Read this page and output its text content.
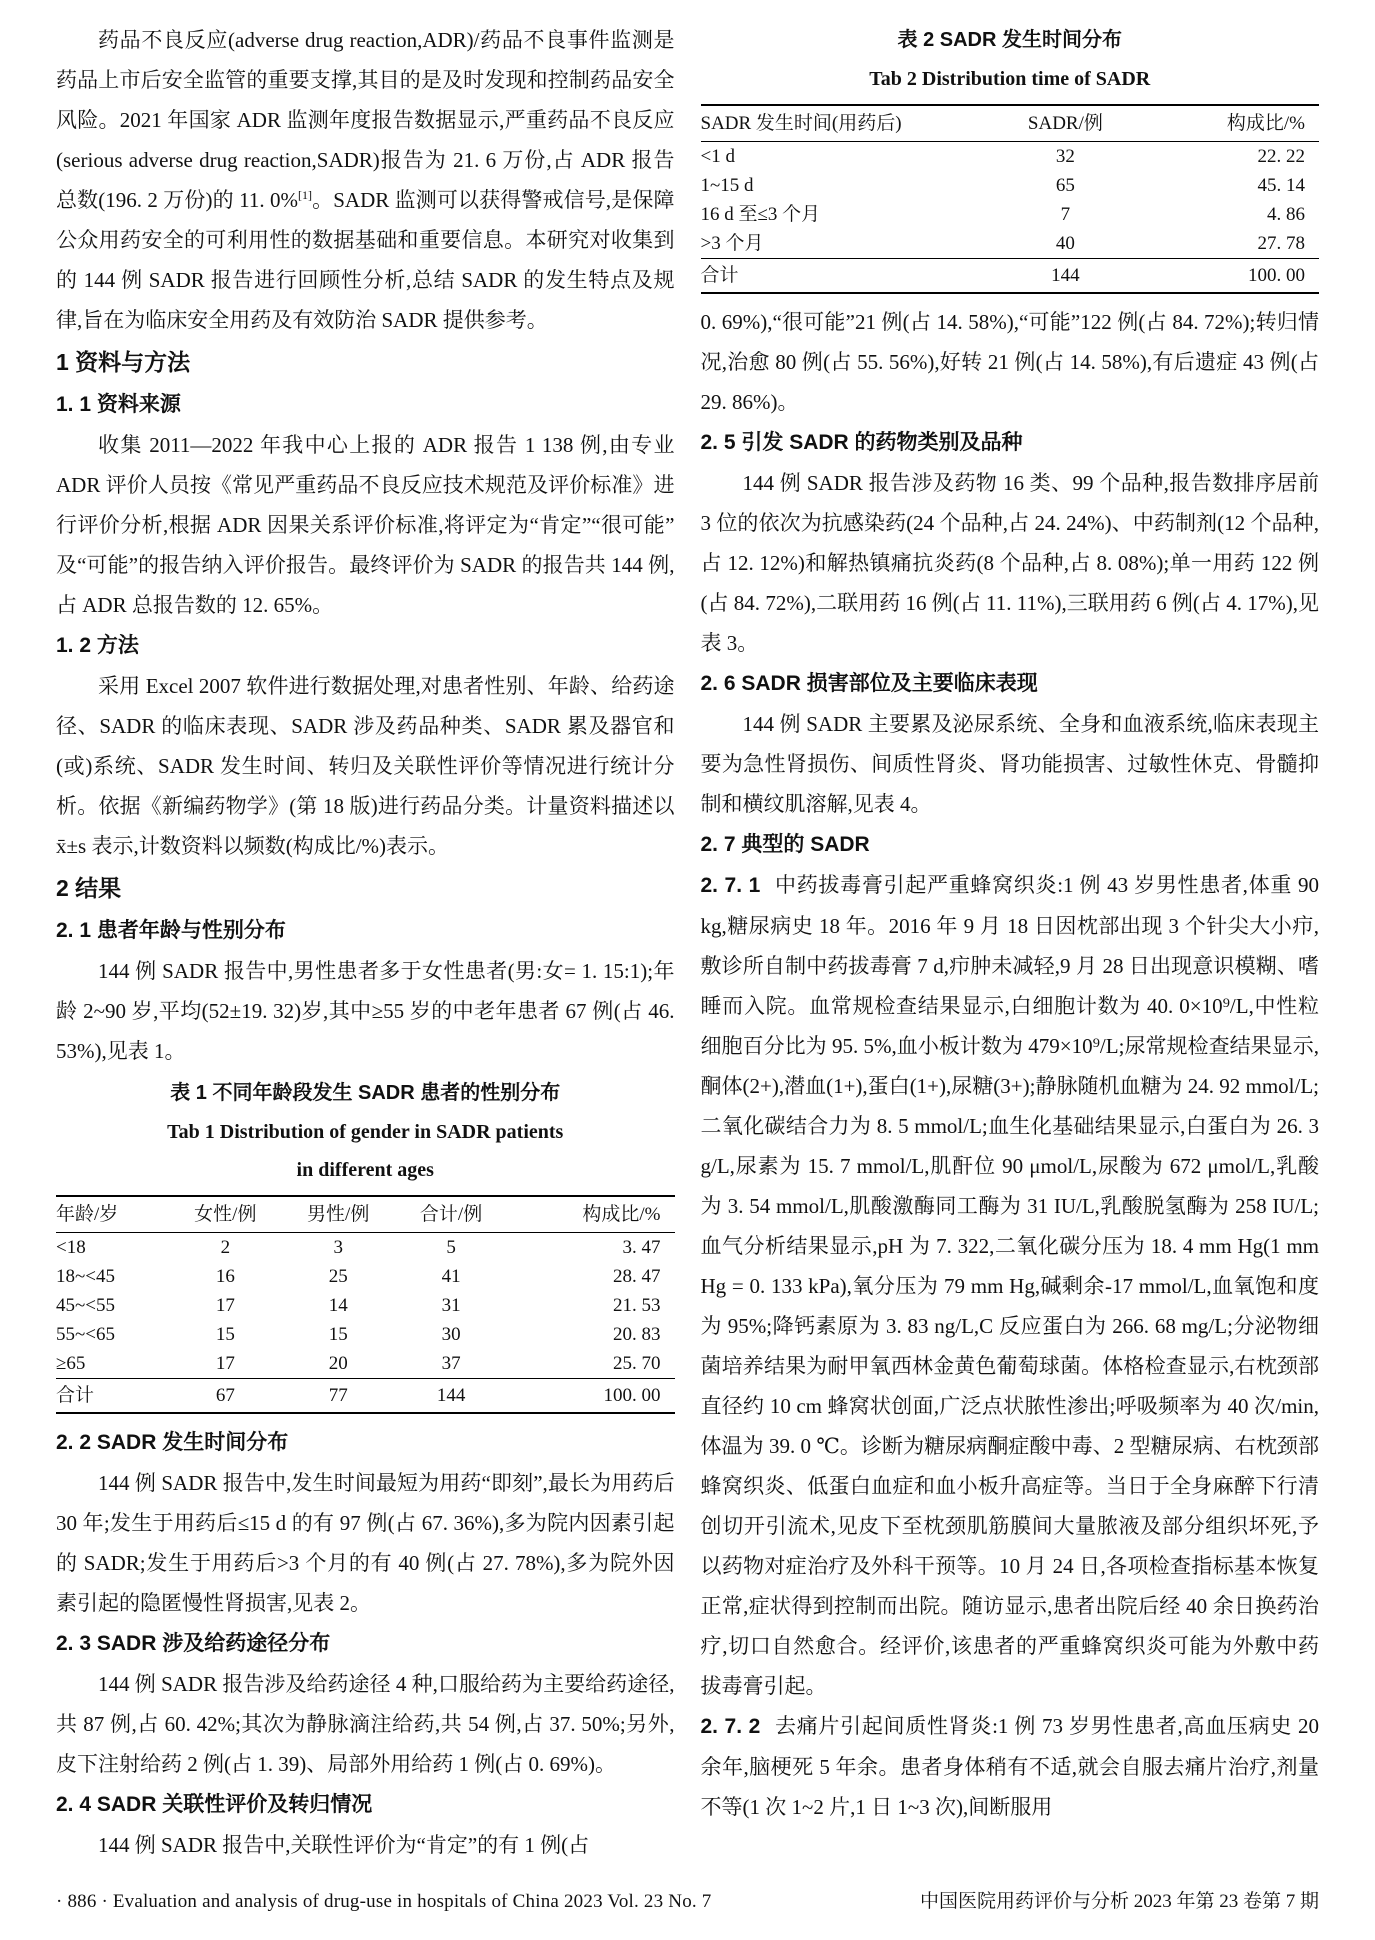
药品不良反应(adverse drug reaction,ADR)/药品不良事件监测是药品上市后安全监管的重要支撑,其目的是及时发现和控制药品安全风险。2021 年国家 ADR 监测年度报告数据显示,严重药品不良反应(serious adverse drug reaction,SADR)报告为 21. 6 万份,占 ADR 报告总数(196. 2 万份)的 11. 0%[1]。SADR 监测可以获得警戒信号,是保障公众用药安全的可利用性的数据基础和重要信息。本研究对收集到的 144 例 SADR 报告进行回顾性分析,总结 SADR 的发生特点及规律,旨在为临床安全用药及有效防治 SADR 提供参考。

1 资料与方法

1. 1 资料来源

收集 2011—2022 年我中心上报的 ADR 报告 1 138 例,由专业 ADR 评价人员按《常见严重药品不良反应技术规范及评价标准》进行评价分析,根据 ADR 因果关系评价标准,将评定为“肯定”“很可能”及“可能”的报告纳入评价报告。最终评价为 SADR 的报告共 144 例,占 ADR 总报告数的 12. 65%。

1. 2 方法

采用 Excel 2007 软件进行数据处理,对患者性别、年龄、给药途径、SADR 的临床表现、SADR 涉及药品种类、SADR 累及器官和(或)系统、SADR 发生时间、转归及关联性评价等情况进行统计分析。依据《新编药物学》(第 18 版)进行药品分类。计量资料描述以 x̄±s 表示,计数资料以频数(构成比/%)表示。

2 结果

2. 1 患者年龄与性别分布

144 例 SADR 报告中,男性患者多于女性患者(男:女= 1. 15:1);年龄 2~90 岁,平均(52±19. 32)岁,其中≥55 岁的中老年患者 67 例(占 46. 53%),见表 1。

表 1 不同年龄段发生 SADR 患者的性别分布

Tab 1 Distribution of gender in SADR patients

in different ages

年龄/岁	女性/例	男性/例	合计/例	构成比/%
<18	2	3	5	3. 47
18~<45	16	25	41	28. 47
45~<55	17	14	31	21. 53
55~<65	15	15	30	20. 83
≥65	17	20	37	25. 70
合计	67	77	144	100. 00

2. 2 SADR 发生时间分布

144 例 SADR 报告中,发生时间最短为用药“即刻”,最长为用药后 30 年;发生于用药后≤15 d 的有 97 例(占 67. 36%),多为院内因素引起的 SADR;发生于用药后>3 个月的有 40 例(占 27. 78%),多为院外因素引起的隐匿慢性肾损害,见表 2。

2. 3 SADR 涉及给药途径分布

144 例 SADR 报告涉及给药途径 4 种,口服给药为主要给药途径,共 87 例,占 60. 42%;其次为静脉滴注给药,共 54 例,占 37. 50%;另外,皮下注射给药 2 例(占 1. 39)、局部外用给药 1 例(占 0. 69%)。

2. 4 SADR 关联性评价及转归情况

144 例 SADR 报告中,关联性评价为“肯定”的有 1 例(占

表 2 SADR 发生时间分布

Tab 2 Distribution time of SADR

SADR 发生时间(用药后)	SADR/例	构成比/%
<1 d	32	22. 22
1~15 d	65	45. 14
16 d 至≤3 个月	7	4. 86
>3 个月	40	27. 78
合计	144	100. 00

0. 69%),“很可能”21 例(占 14. 58%),“可能”122 例(占 84. 72%);转归情况,治愈 80 例(占 55. 56%),好转 21 例(占 14. 58%),有后遗症 43 例(占 29. 86%)。

2. 5 引发 SADR 的药物类别及品种

144 例 SADR 报告涉及药物 16 类、99 个品种,报告数排序居前 3 位的依次为抗感染药(24 个品种,占 24. 24%)、中药制剂(12 个品种,占 12. 12%)和解热镇痛抗炎药(8 个品种,占 8. 08%);单一用药 122 例(占 84. 72%),二联用药 16 例(占 11. 11%),三联用药 6 例(占 4. 17%),见表 3。

2. 6 SADR 损害部位及主要临床表现

144 例 SADR 主要累及泌尿系统、全身和血液系统,临床表现主要为急性肾损伤、间质性肾炎、肾功能损害、过敏性休克、骨髓抑制和横纹肌溶解,见表 4。

2. 7 典型的 SADR

2. 7. 1 中药拔毒膏引起严重蜂窝织炎:1 例 43 岁男性患者,体重 90 kg,糖尿病史 18 年。2016 年 9 月 18 日因枕部出现 3 个针尖大小疖,敷诊所自制中药拔毒膏 7 d,疖肿未减轻,9 月 28 日出现意识模糊、嗜睡而入院。血常规检查结果显示,白细胞计数为 40. 0×10⁹/L,中性粒细胞百分比为 95. 5%,血小板计数为 479×10⁹/L;尿常规检查结果显示,酮体(2+),潜血(1+),蛋白(1+),尿糖(3+);静脉随机血糖为 24. 92 mmol/L;二氧化碳结合力为 8. 5 mmol/L;血生化基础结果显示,白蛋白为 26. 3 g/L,尿素为 15. 7 mmol/L,肌酐位 90 μmol/L,尿酸为 672 μmol/L,乳酸为 3. 54 mmol/L,肌酸激酶同工酶为 31 IU/L,乳酸脱氢酶为 258 IU/L;血气分析结果显示,pH 为 7. 322,二氧化碳分压为 18. 4 mm Hg(1 mm Hg = 0. 133 kPa),氧分压为 79 mm Hg,碱剩余-17 mmol/L,血氧饱和度为 95%;降钙素原为 3. 83 ng/L,C 反应蛋白为 266. 68 mg/L;分泌物细菌培养结果为耐甲氧西林金黄色葡萄球菌。体格检查显示,右枕颈部直径约 10 cm 蜂窝状创面,广泛点状脓性渗出;呼吸频率为 40 次/min,体温为 39. 0 ℃。诊断为糖尿病酮症酸中毒、2 型糖尿病、右枕颈部蜂窝织炎、低蛋白血症和血小板升高症等。当日于全身麻醉下行清创切开引流术,见皮下至枕颈肌筋膜间大量脓液及部分组织坏死,予以药物对症治疗及外科干预等。10 月 24 日,各项检查指标基本恢复正常,症状得到控制而出院。随访显示,患者出院后经 40 余日换药治疗,切口自然愈合。经评价,该患者的严重蜂窝织炎可能为外敷中药拔毒膏引起。

2. 7. 2 去痛片引起间质性肾炎:1 例 73 岁男性患者,高血压病史 20 余年,脑梗死 5 年余。患者身体稍有不适,就会自服去痛片治疗,剂量不等(1 次 1~2 片,1 日 1~3 次),间断服用

· 886 · Evaluation and analysis of drug-use in hospitals of China 2023 Vol. 23 No. 7	中国医院用药评价与分析 2023 年第 23 卷第 7 期
